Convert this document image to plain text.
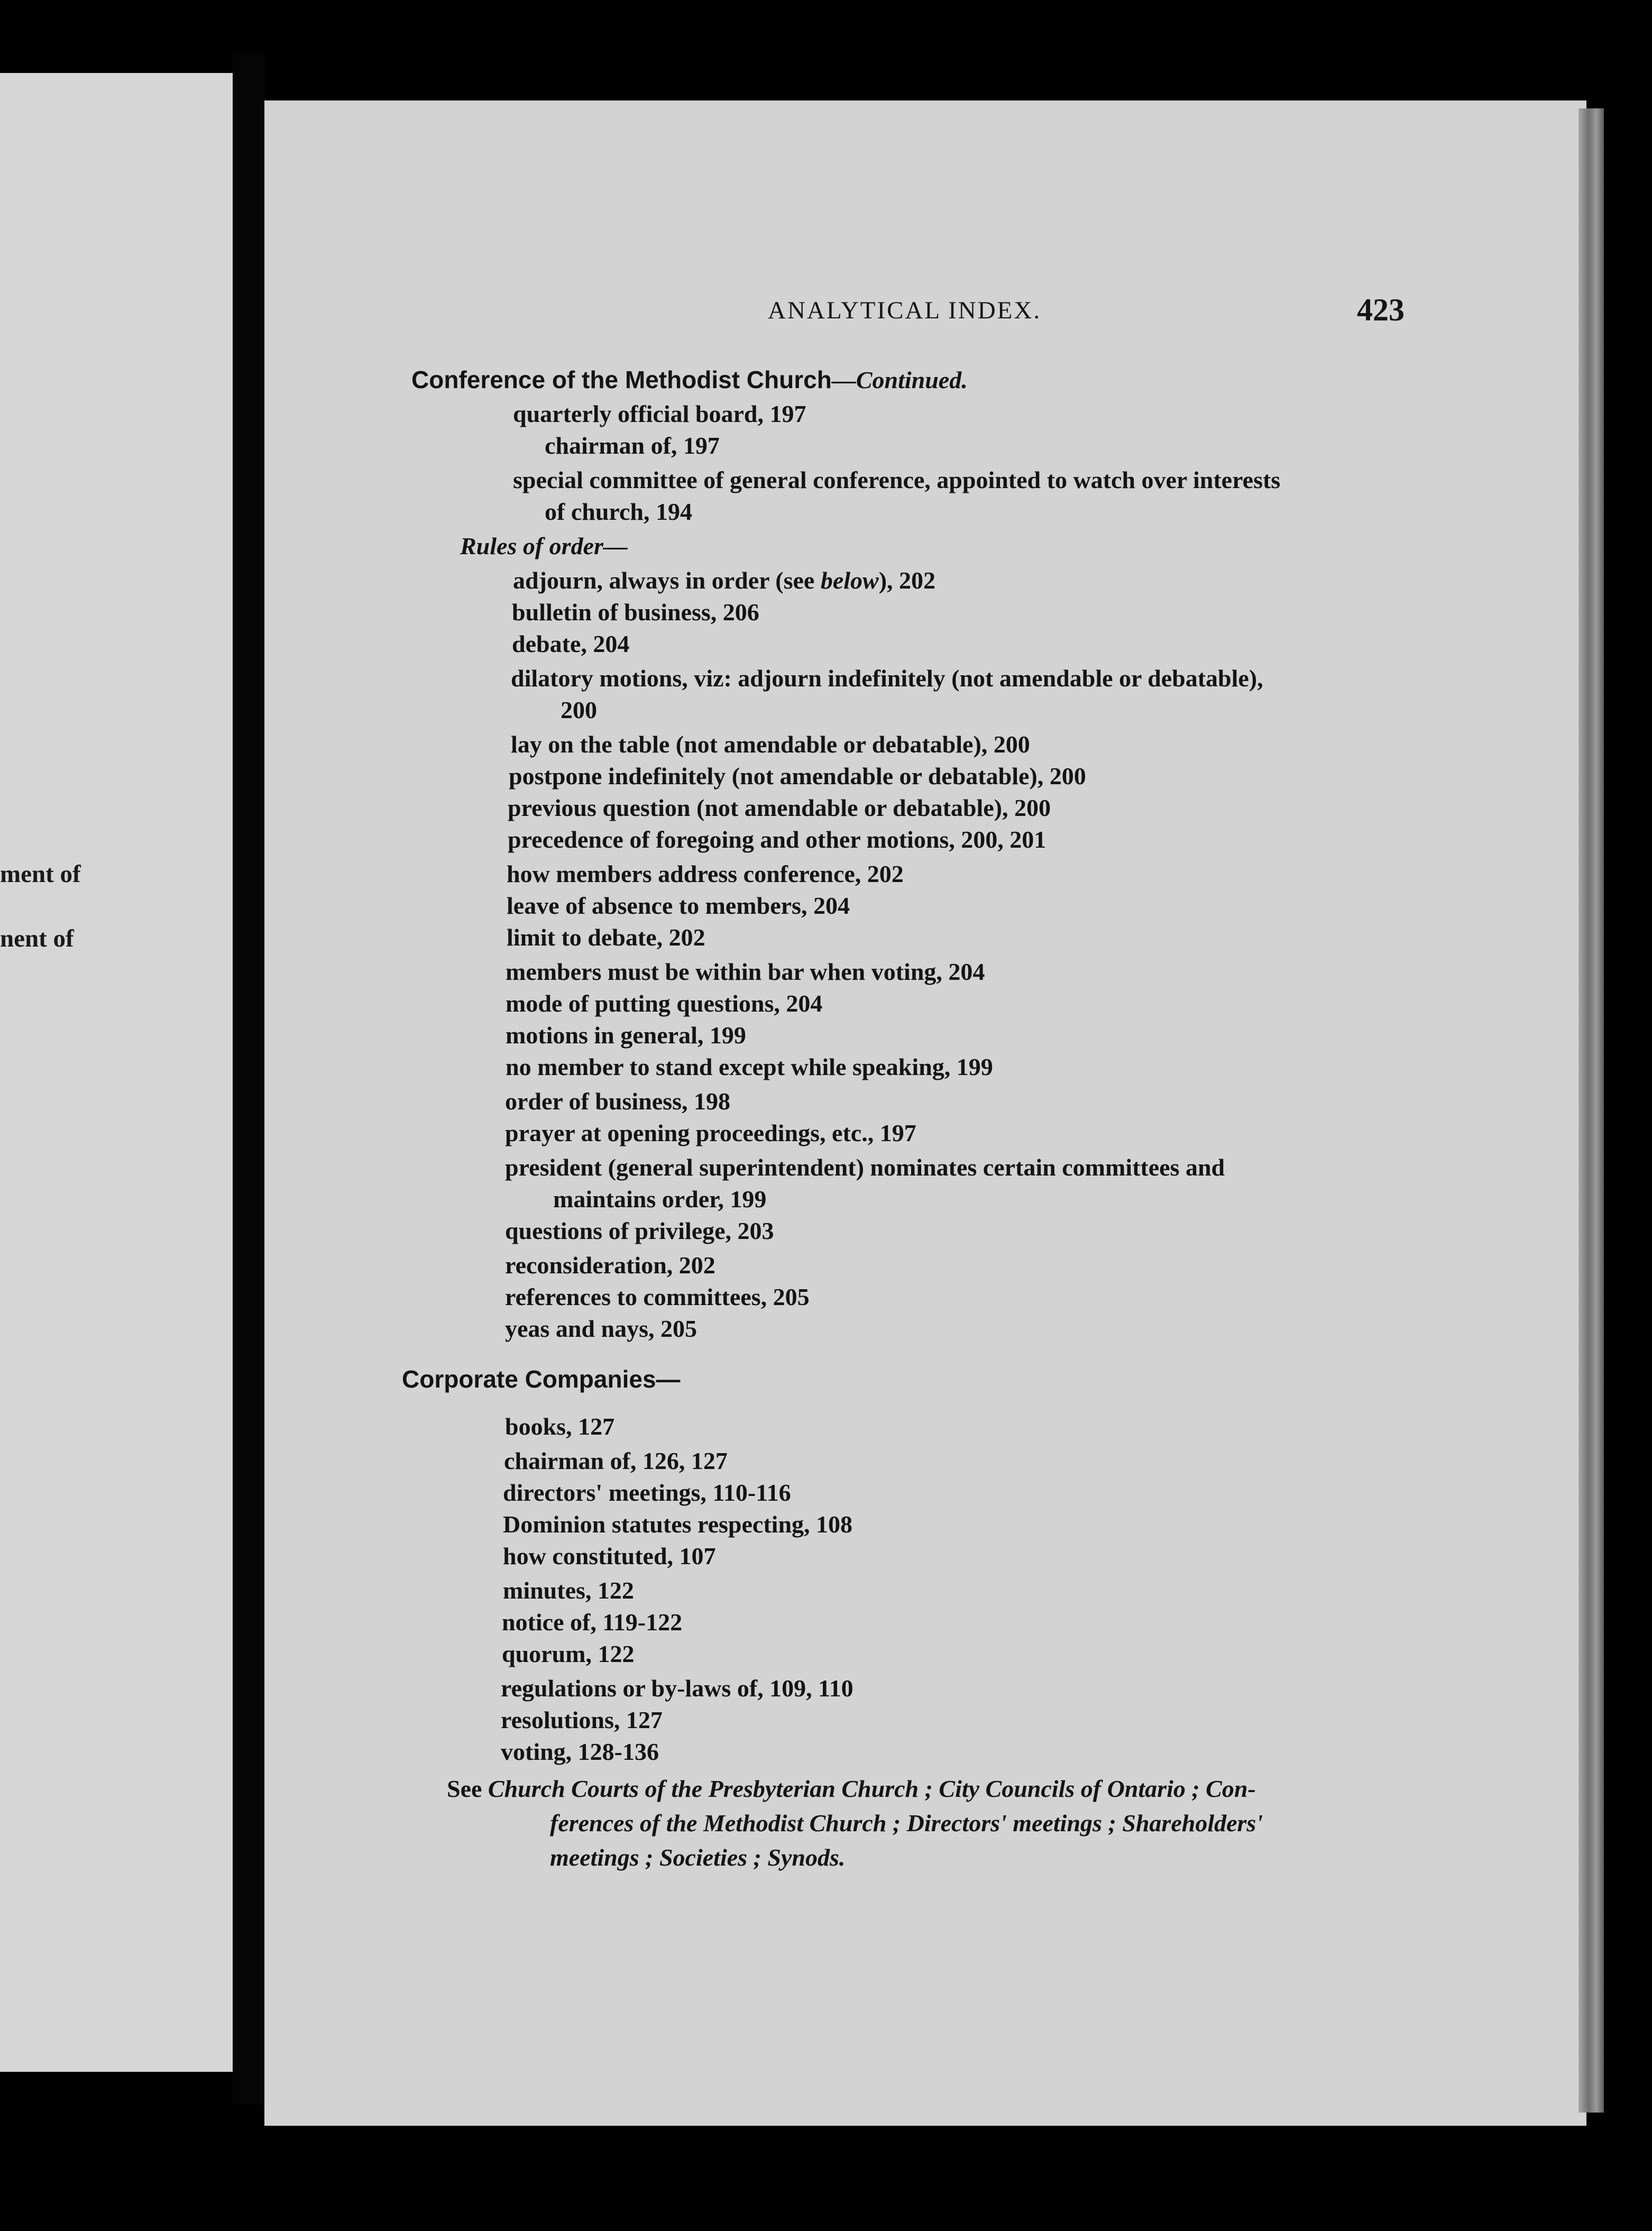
ment of
nent of
ANALYTICAL INDEX.	423
Conference of the Methodist Church—Continued.
quarterly official board, 197
chairman of, 197
special committee of general conference, appointed to watch over interests
of church, 194
Rules of order—
adjourn, always in order (see below), 202
bulletin of business, 206
debate, 204
dilatory motions, viz: adjourn indefinitely (not amendable or debatable),
200
lay on the table (not amendable or debatable), 200
postpone indefinitely (not amendable or debatable), 200
previous question (not amendable or debatable), 200
precedence of foregoing and other motions, 200, 201
how members address conference, 202
leave of absence to members, 204
limit to debate, 202
members must be within bar when voting, 204
mode of putting questions, 204
motions in general, 199
no member to stand except while speaking, 199
order of business, 198
prayer at opening proceedings, etc., 197
president (general superintendent) nominates certain committees and
maintains order, 199
questions of privilege, 203
reconsideration, 202
references to committees, 205
yeas and nays, 205
Corporate Companies—
books, 127
chairman of, 126, 127
directors' meetings, 110-116
Dominion statutes respecting, 108
how constituted, 107
minutes, 122
notice of, 119-122
quorum, 122
regulations or by-laws of, 109, 110
resolutions, 127
voting, 128-136
See Church Courts of the Presbyterian Church ; City Councils of Ontario ; Con-
ferences of the Methodist Church ; Directors' meetings ; Shareholders'
meetings ; Societies ; Synods.
